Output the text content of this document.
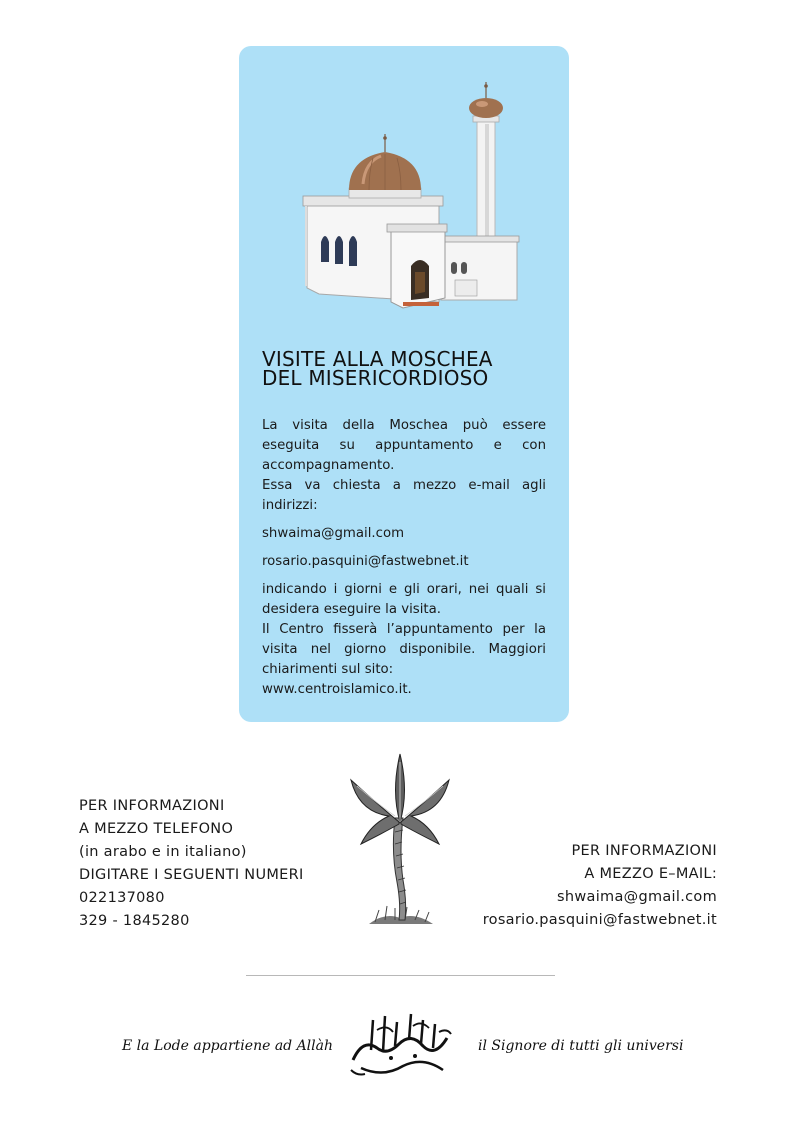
VISITE ALLA MOSCHEA
DEL MISERICORDIOSO

La visita della Moschea può essere eseguita su appuntamento e con accompagnamento.

Essa va chiesta a mezzo e-mail agli indirizzi:

shwaima@gmail.com

rosario.pasquini@fastwebnet.it

indicando i giorni e gli orari, nei quali si desidera eseguire la visita.

Il Centro fisserà l’appuntamento per la visita nel giorno disponibile. Maggiori chiarimenti sul sito:

www.centroislamico.it.

PER INFORMAZIONI
A MEZZO TELEFONO
(in arabo e in italiano)
DIGITARE I SEGUENTI NUMERI
022137080
329 - 1845280
PER INFORMAZIONI
A MEZZO E–MAIL:
shwaima@gmail.com
rosario.pasquini@fastwebnet.it
E la Lode appartiene ad Allàh	il Signore di tutti gli universi
